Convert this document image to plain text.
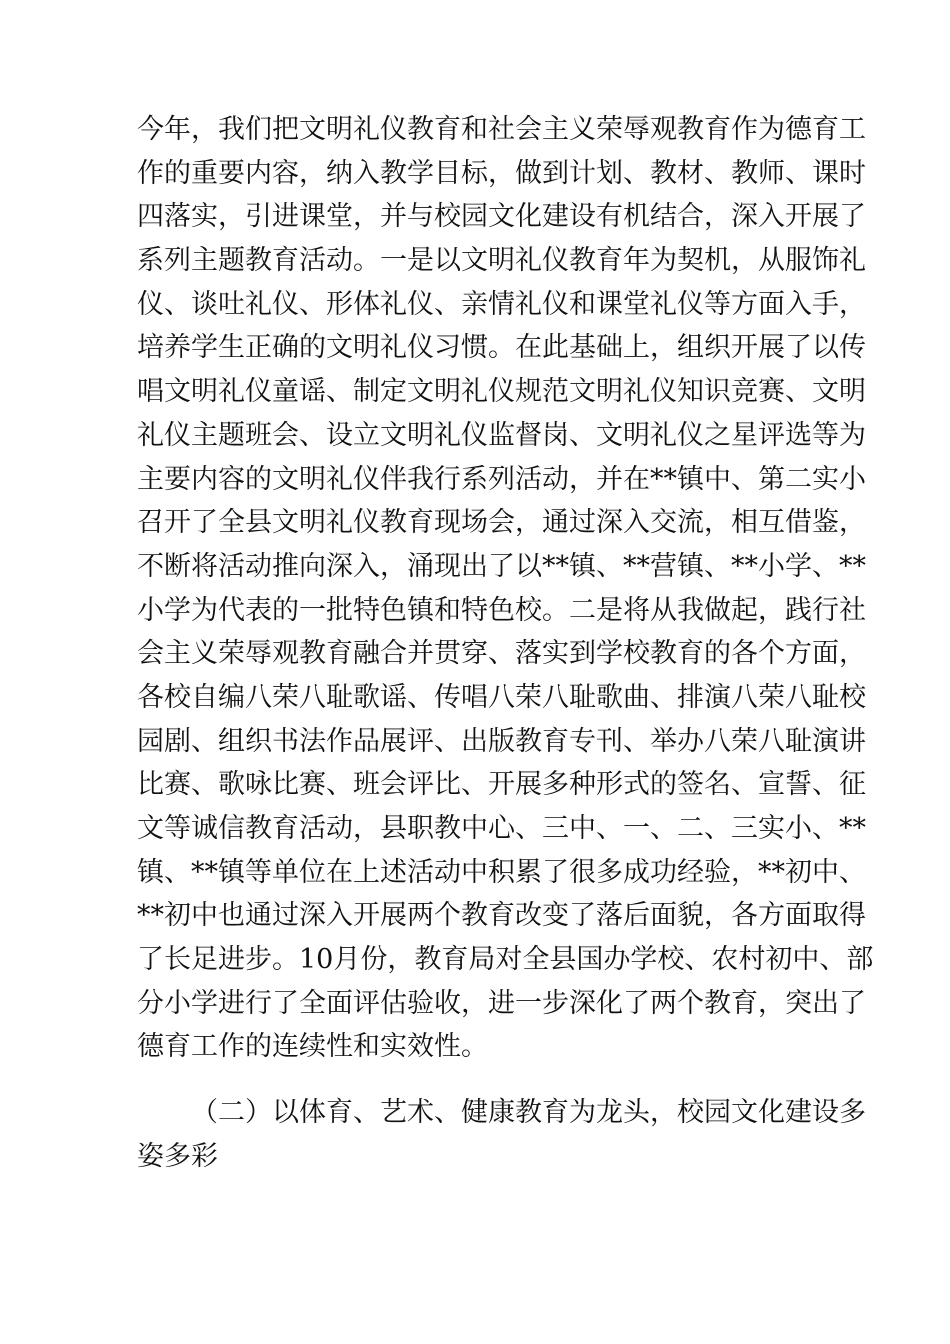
今年，我们把文明礼仪教育和社会主义荣辱观教育作为德育工
作的重要内容，纳入教学目标，做到计划、教材、教师、课时
四落实，引进课堂，并与校园文化建设有机结合，深入开展了
系列主题教育活动。一是以文明礼仪教育年为契机，从服饰礼
仪、谈吐礼仪、形体礼仪、亲情礼仪和课堂礼仪等方面入手，
培养学生正确的文明礼仪习惯。在此基础上，组织开展了以传
唱文明礼仪童谣、制定文明礼仪规范文明礼仪知识竞赛、文明
礼仪主题班会、设立文明礼仪监督岗、文明礼仪之星评选等为
主要内容的文明礼仪伴我行系列活动，并在**镇中、第二实小
召开了全县文明礼仪教育现场会，通过深入交流，相互借鉴，
不断将活动推向深入，涌现出了以**镇、**营镇、**小学、**
小学为代表的一批特色镇和特色校。二是将从我做起，践行社
会主义荣辱观教育融合并贯穿、落实到学校教育的各个方面，
各校自编八荣八耻歌谣、传唱八荣八耻歌曲、排演八荣八耻校
园剧、组织书法作品展评、出版教育专刊、举办八荣八耻演讲
比赛、歌咏比赛、班会评比、开展多种形式的签名、宣誓、征
文等诚信教育活动，县职教中心、三中、一、二、三实小、**
镇、**镇等单位在上述活动中积累了很多成功经验，**初中、
**初中也通过深入开展两个教育改变了落后面貌，各方面取得
了长足进步。10月份，教育局对全县国办学校、农村初中、部
分小学进行了全面评估验收，进一步深化了两个教育，突出了
德育工作的连续性和实效性。
（二）以体育、艺术、健康教育为龙头，校园文化建设多
姿多彩
